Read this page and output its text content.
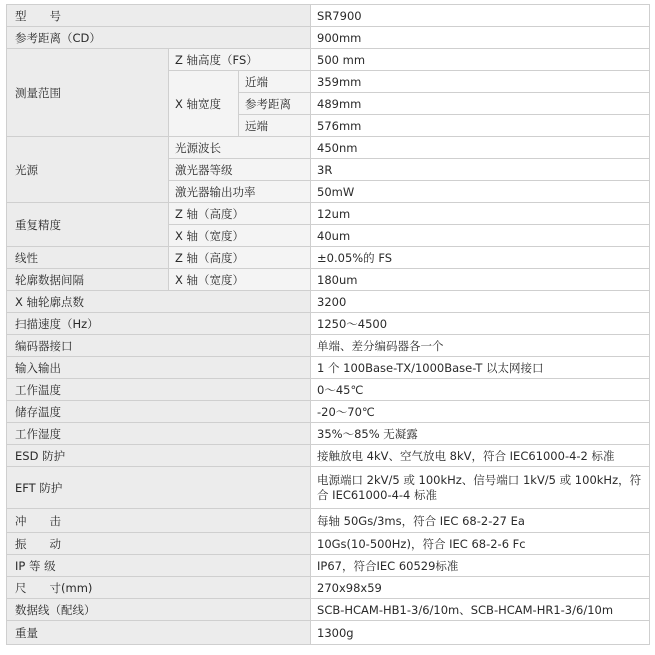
型　　号			SR7900
参考距离（CD）			900mm
测量范围	Z 轴高度（FS）		500 mm
	X 轴宽度	近端	359mm
		参考距离	489mm
		远端	576mm
光源	光源波长		450nm
	激光器等级		3R
	激光器输出功率		50mW
重复精度	Z 轴（高度）		12um
	X 轴（宽度）		40um
线性	Z 轴（高度）		±0.05%的 FS
轮廓数据间隔	X 轴（宽度）		180um
X 轴轮廓点数			3200
扫描速度（Hz）			1250～4500
编码器接口			单端、差分编码器各一个
输入输出			1 个 100Base-TX/1000Base-T 以太网接口
工作温度			0～45℃
储存温度			-20～70℃
工作湿度			35%～85% 无凝露
ESD 防护			接触放电 4kV、空气放电 8kV，符合 IEC61000-4-2 标准
EFT 防护			电源端口 2kV/5 或 100kHz、信号端口 1kV/5 或 100kHz，符合 IEC61000-4-4 标准
冲　　击			每轴 50Gs/3ms，符合 IEC 68-2-27 Ea
振　　动			10Gs(10-500Hz)，符合 IEC 68-2-6 Fc
IP 等 级			IP67，符合IEC 60529标准
尺　　寸(mm)			270x98x59
数据线（配线）			SCB-HCAM-HB1-3/6/10m、SCB-HCAM-HR1-3/6/10m
重量			1300g
